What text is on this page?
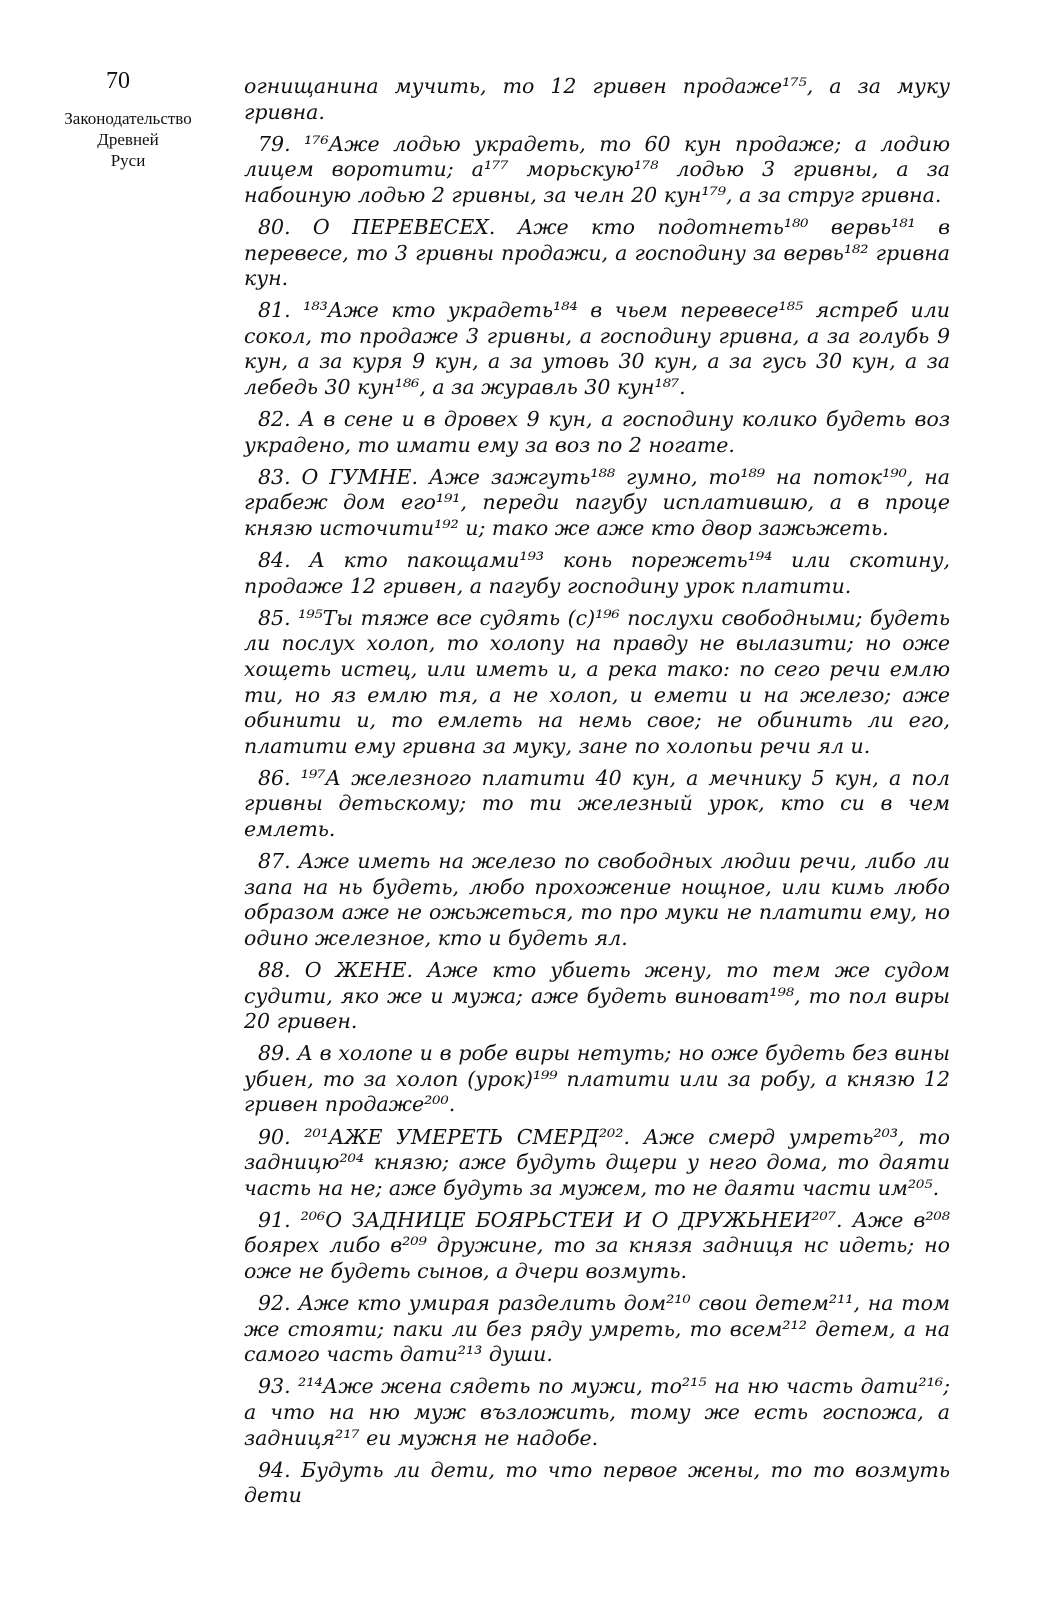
70
Законодательство
Древней
Руси

огнищанина мучить, то 12 гривен продаже¹⁷⁵, а за муку гривна.

79. ¹⁷⁶Аже лодью украдеть, то 60 кун продаже; а лодию лицем воротити; а¹⁷⁷ морьскую¹⁷⁸ лодью 3 гривны, а за набоиную лодью 2 гривны, за челн 20 кун¹⁷⁹, а за струг гривна.

80. О ПЕРЕВЕСЕХ. Аже кто подотнеть¹⁸⁰ вервь¹⁸¹ в перевесе, то 3 гривны продажи, а господину за вервь¹⁸² гривна кун.

81. ¹⁸³Аже кто украдеть¹⁸⁴ в чьем перевесе¹⁸⁵ ястреб или сокол, то продаже 3 гривны, а господину гривна, а за голубь 9 кун, а за куря 9 кун, а за утовь 30 кун, а за гусь 30 кун, а за лебедь 30 кун¹⁸⁶, а за журавль 30 кун¹⁸⁷.

82. А в сене и в дровех 9 кун, а господину колико будеть воз украдено, то имати ему за воз по 2 ногате.

83. О ГУМНЕ. Аже зажгуть¹⁸⁸ гумно, то¹⁸⁹ на поток¹⁹⁰, на грабеж дом его¹⁹¹, переди пагубу исплатившю, а в проце князю источити¹⁹² и; тако же аже кто двор зажьжеть.

84. А кто пакощами¹⁹³ конь порежеть¹⁹⁴ или скотину, продаже 12 гривен, а пагубу господину урок платити.

85. ¹⁹⁵Ты тяже все судять (с)¹⁹⁶ послухи свободными; будеть ли послух холоп, то холопу на правду не вылазити; но оже хощеть истец, или иметь и, а река тако: по сего речи емлю ти, но яз емлю тя, а не холоп, и емети и на железо; аже обинити и, то емлеть на немь свое; не обинить ли его, платити ему гривна за муку, зане по холопьи речи ял и.

86. ¹⁹⁷А железного платити 40 кун, а мечнику 5 кун, а пол гривны детьскому; то ти железный урок, кто си в чем емлеть.

87. Аже иметь на железо по свободных людии речи, либо ли запа на нь будеть, любо прохожение нощное, или кимь любо образом аже не ожьжеться, то про муки не платити ему, но одино железное, кто и будеть ял.

88. О ЖЕНЕ. Аже кто убиеть жену, то тем же судом судити, яко же и мужа; аже будеть виноват¹⁹⁸, то пол виры 20 гривен.

89. А в холопе и в робе виры нетуть; но оже будеть без вины убиен, то за холоп (урок)¹⁹⁹ платити или за робу, а князю 12 гривен продаже²⁰⁰.

90. ²⁰¹АЖЕ УМЕРЕТЬ СМЕРД²⁰². Аже смерд умреть²⁰³, то задницю²⁰⁴ князю; аже будуть дщери у него дома, то даяти часть на не; аже будуть за мужем, то не даяти части им²⁰⁵.

91. ²⁰⁶О ЗАДНИЦЕ БОЯРЬСТЕИ И О ДРУЖЬНЕИ²⁰⁷. Аже в²⁰⁸ боярех либо в²⁰⁹ дружине, то за князя задниця нс идеть; но оже не будеть сынов, а дчери возмуть.

92. Аже кто умирая разделить дом²¹⁰ свои детем²¹¹, на том же стояти; паки ли без ряду умреть, то всем²¹² детем, а на самого часть дати²¹³ души.

93. ²¹⁴Аже жена сядеть по мужи, то²¹⁵ на ню часть дати²¹⁶; а что на ню муж възложить, тому же есть госпожа, а задниця²¹⁷ еи мужня не надобе.

94. Будуть ли дети, то что первое жены, то то возмуть дети
